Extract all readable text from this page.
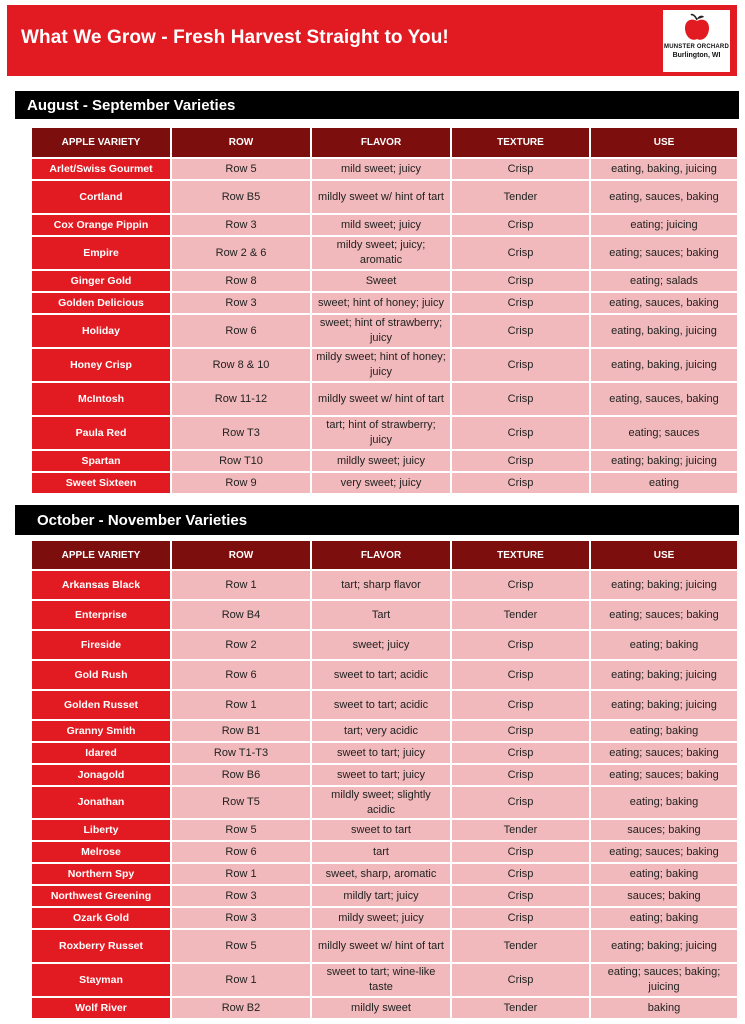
What We Grow - Fresh Harvest Straight to You!	MUNSTER ORCHARD
Burlington, WI
August - September Varieties
APPLE VARIETY	ROW	FLAVOR	TEXTURE	USE
Arlet/Swiss Gourmet	Row 5	mild sweet; juicy	Crisp	eating, baking, juicing
Cortland	Row B5	mildly sweet w/ hint of tart	Tender	eating, sauces, baking
Cox Orange Pippin	Row 3	mild sweet; juicy	Crisp	eating; juicing
Empire	Row 2 & 6	mildy sweet; juicy; aromatic	Crisp	eating; sauces; baking
Ginger Gold	Row 8	Sweet	Crisp	eating; salads
Golden Delicious	Row 3	sweet; hint of honey; juicy	Crisp	eating, sauces, baking
Holiday	Row 6	sweet; hint of strawberry; juicy	Crisp	eating, baking, juicing
Honey Crisp	Row 8 & 10	mildy sweet; hint of honey; juicy	Crisp	eating, baking, juicing
McIntosh	Row 11-12	mildly sweet w/ hint of tart	Crisp	eating, sauces, baking
Paula Red	Row T3	tart; hint of strawberry; juicy	Crisp	eating; sauces
Spartan	Row T10	mildly sweet; juicy	Crisp	eating; baking; juicing
Sweet Sixteen	Row 9	very sweet; juicy	Crisp	eating
October - November Varieties
APPLE VARIETY	ROW	FLAVOR	TEXTURE	USE
Arkansas Black	Row 1	tart; sharp flavor	Crisp	eating; baking; juicing
Enterprise	Row B4	Tart	Tender	eating; sauces; baking
Fireside	Row 2	sweet; juicy	Crisp	eating; baking
Gold Rush	Row 6	sweet to tart; acidic	Crisp	eating; baking; juicing
Golden Russet	Row 1	sweet to tart; acidic	Crisp	eating; baking; juicing
Granny Smith	Row B1	tart; very acidic	Crisp	eating; baking
Idared	Row T1-T3	sweet to tart; juicy	Crisp	eating; sauces; baking
Jonagold	Row B6	sweet to tart; juicy	Crisp	eating; sauces; baking
Jonathan	Row T5	mildly sweet; slightly acidic	Crisp	eating; baking
Liberty	Row 5	sweet to tart	Tender	sauces; baking
Melrose	Row 6	tart	Crisp	eating; sauces; baking
Northern Spy	Row 1	sweet, sharp, aromatic	Crisp	eating; baking
Northwest Greening	Row 3	mildly tart; juicy	Crisp	sauces; baking
Ozark Gold	Row 3	mildy sweet; juicy	Crisp	eating; baking
Roxberry Russet	Row 5	mildly sweet w/ hint of tart	Tender	eating; baking; juicing
Stayman	Row 1	sweet to tart; wine-like taste	Crisp	eating; sauces; baking; juicing
Wolf River	Row B2	mildly sweet	Tender	baking
